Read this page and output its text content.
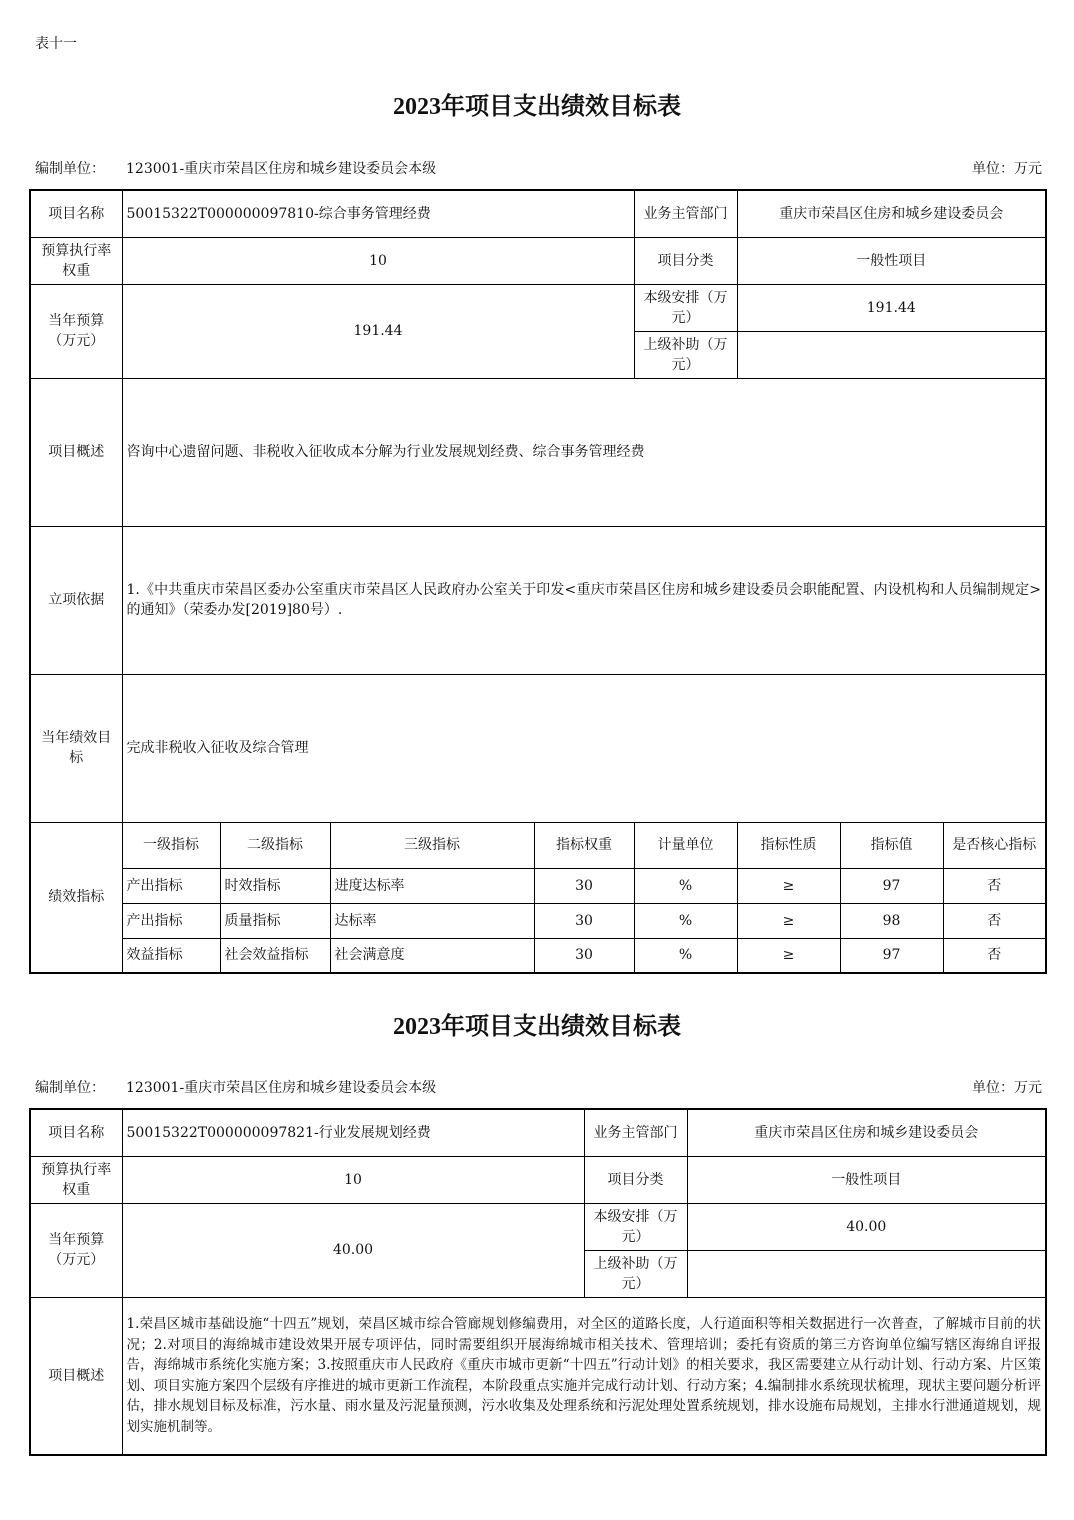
表十一
2023年项目支出绩效目标表
编制单位： 123001-重庆市荣昌区住房和城乡建设委员会本级	单位：万元
项目名称	50015322T000000097810-综合事务管理经费				业务主管部门	重庆市荣昌区住房和城乡建设委员会		
预算执行率权重	10				项目分类	一般性项目		
当年预算（万元）	191.44				本级安排（万元）	191.44		
					上级补助（万元）			
项目概述	咨询中心遗留问题、非税收入征收成本分解为行业发展规划经费、综合事务管理经费							
立项依据	1.《中共重庆市荣昌区委办公室重庆市荣昌区人民政府办公室关于印发<重庆市荣昌区住房和城乡建设委员会职能配置、内设机构和人员编制规定>的通知》（荣委办发[2019]80号）.							
当年绩效目标	完成非税收入征收及综合管理							
绩效指标	一级指标	二级指标	三级指标	指标权重	计量单位	指标性质	指标值	是否核心指标
	产出指标	时效指标	进度达标率	30	%	≥	97	否
	产出指标	质量指标	达标率	30	%	≥	98	否
	效益指标	社会效益指标	社会满意度	30	%	≥	97	否
2023年项目支出绩效目标表
编制单位： 123001-重庆市荣昌区住房和城乡建设委员会本级	单位：万元
项目名称	50015322T000000097821-行业发展规划经费	业务主管部门	重庆市荣昌区住房和城乡建设委员会
预算执行率权重	10	项目分类	一般性项目
当年预算（万元）	40.00	本级安排（万元）	40.00
		上级补助（万元）	
项目概述	1.荣昌区城市基础设施“十四五”规划，荣昌区城市综合管廊规划修编费用，对全区的道路长度，人行道面积等相关数据进行一次普查，了解城市目前的状况；2.对项目的海绵城市建设效果开展专项评估，同时需要组织开展海绵城市相关技术、管理培训；委托有资质的第三方咨询单位编写辖区海绵自评报告，海绵城市系统化实施方案；3.按照重庆市人民政府《重庆市城市更新“十四五”行动计划》的相关要求，我区需要建立从行动计划、行动方案、片区策划、项目实施方案四个层级有序推进的城市更新工作流程，本阶段重点实施并完成行动计划、行动方案；4.编制排水系统现状梳理，现状主要问题分析评估，排水规划目标及标准，污水量、雨水量及污泥量预测，污水收集及处理系统和污泥处理处置系统规划，排水设施布局规划，主排水行泄通道规划，规划实施机制等。		
